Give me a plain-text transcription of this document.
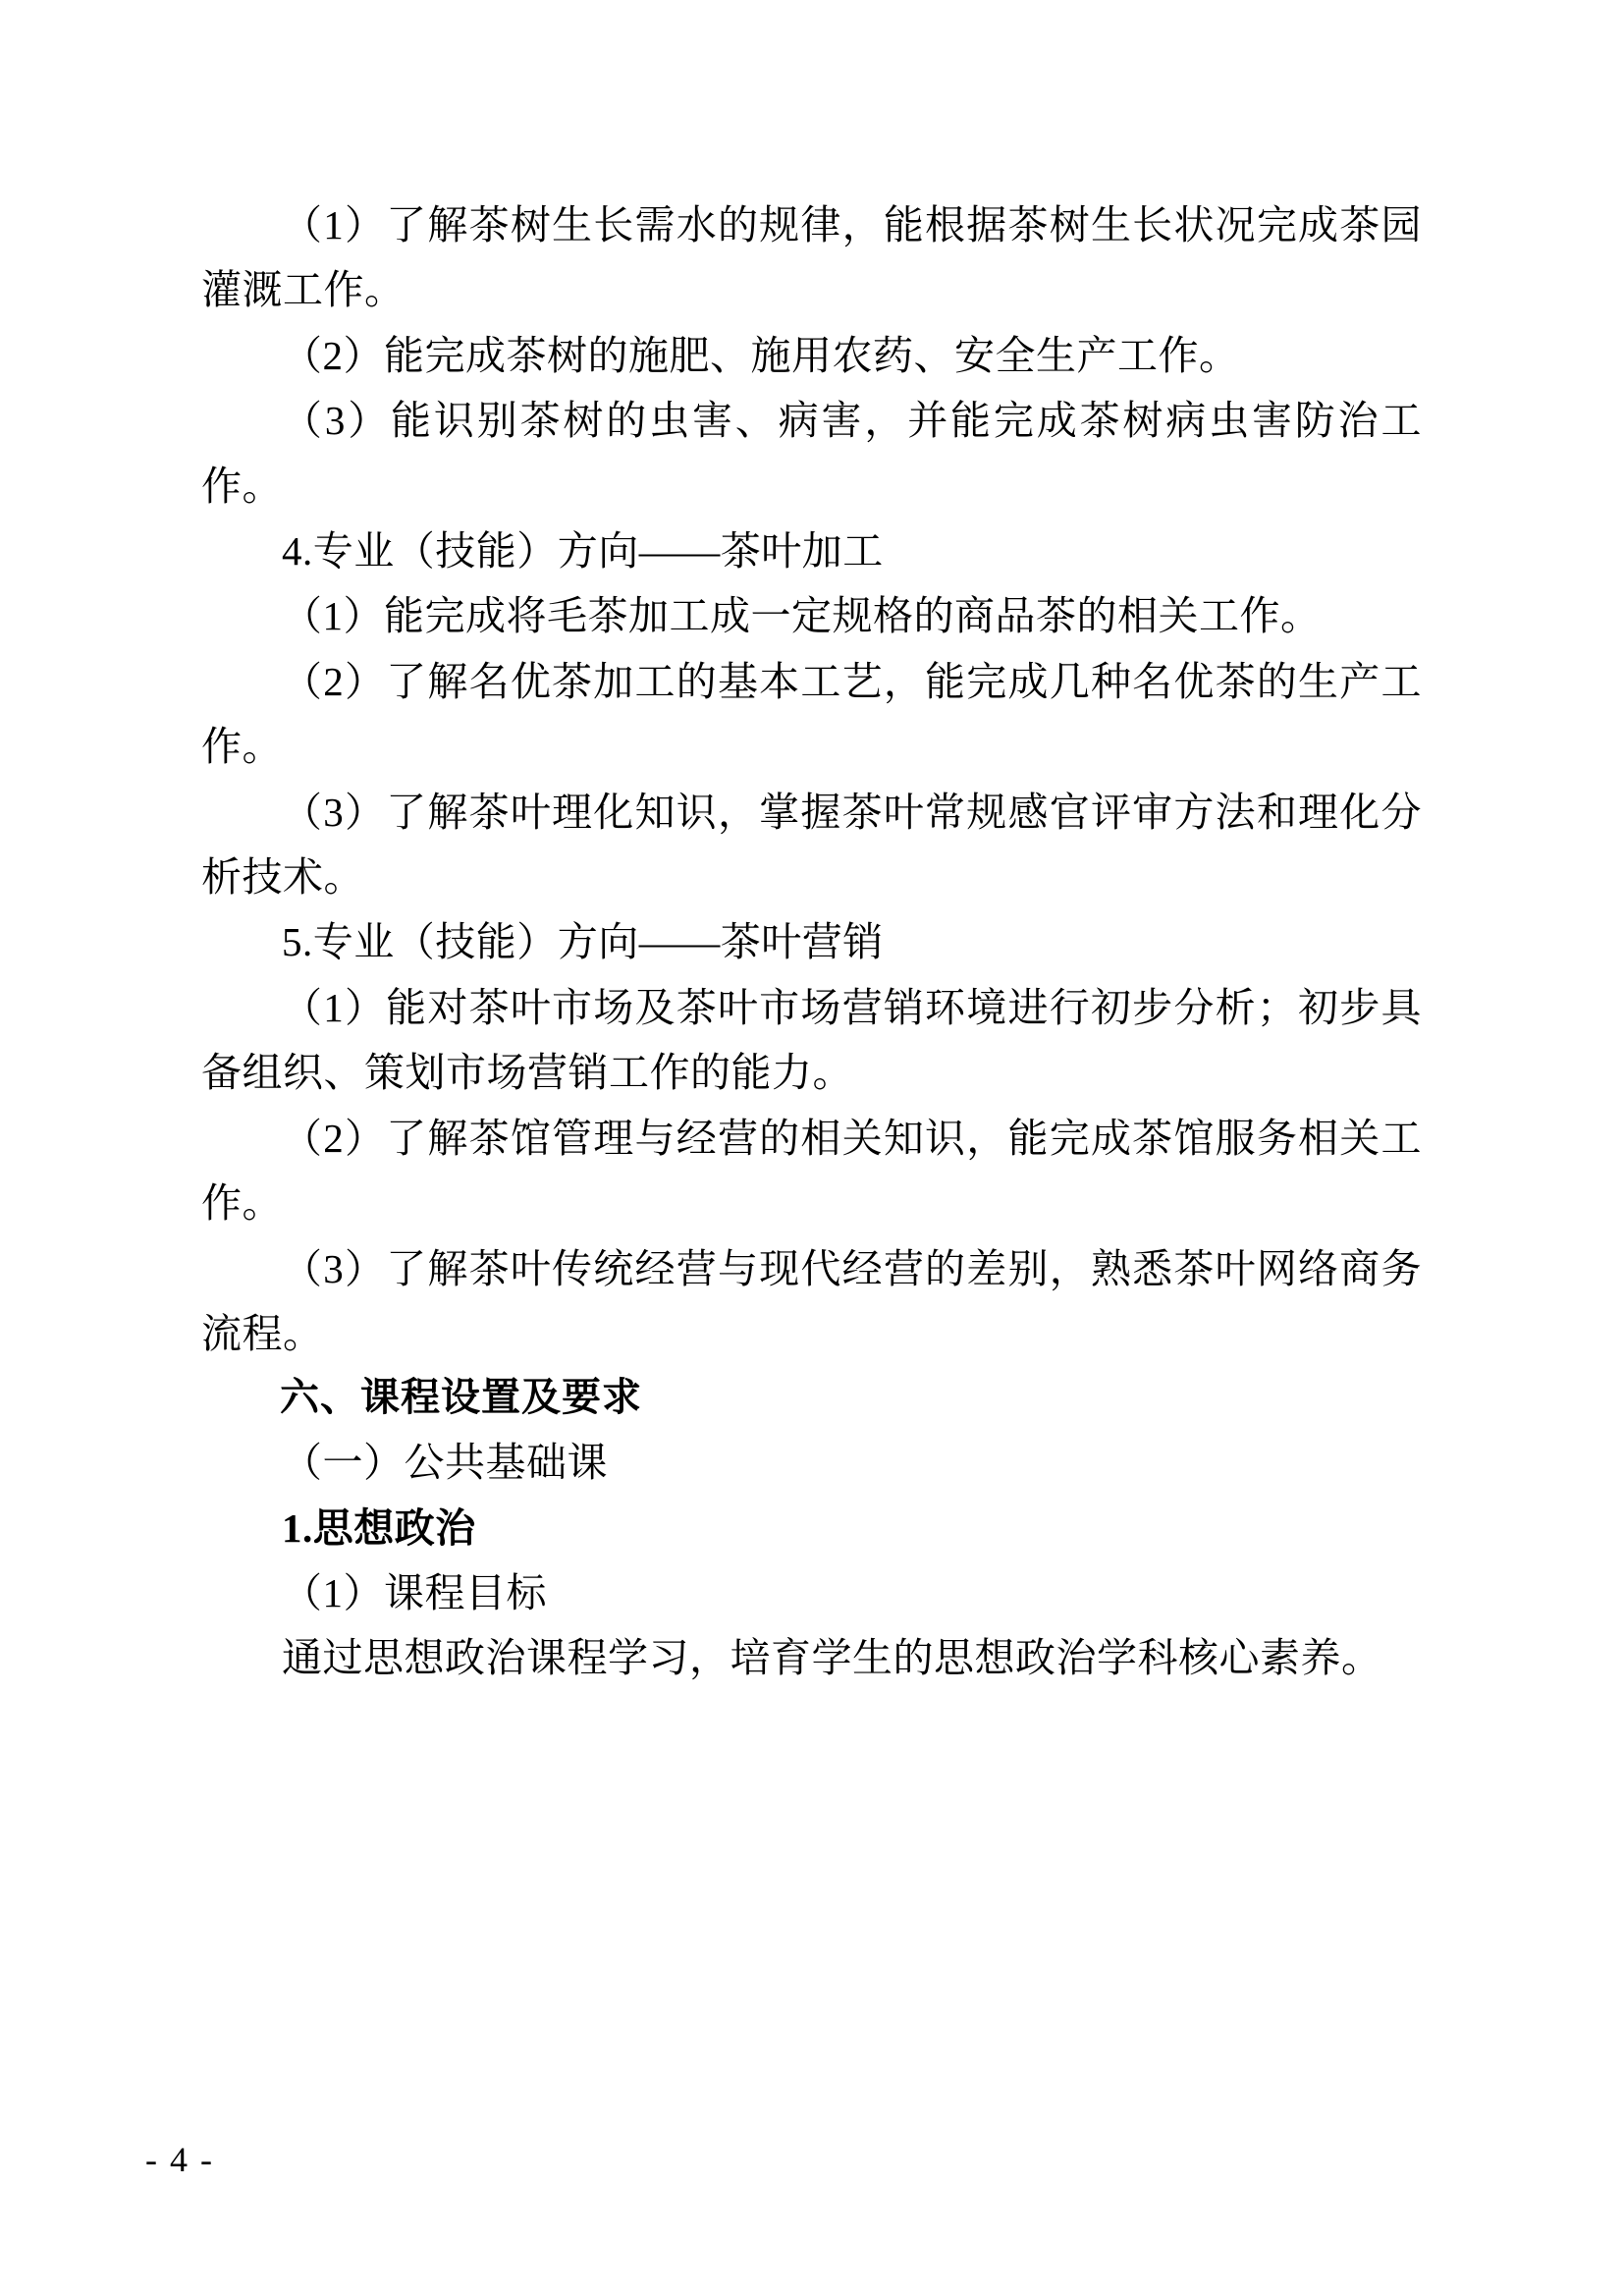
（1）了解茶树生长需水的规律，能根据茶树生长状况完成茶园灌溉工作。

（2）能完成茶树的施肥、施用农药、安全生产工作。

（3）能识别茶树的虫害、病害，并能完成茶树病虫害防治工作。

4.专业（技能）方向——茶叶加工

（1）能完成将毛茶加工成一定规格的商品茶的相关工作。

（2）了解名优茶加工的基本工艺，能完成几种名优茶的生产工作。

（3）了解茶叶理化知识，掌握茶叶常规感官评审方法和理化分析技术。

5.专业（技能）方向——茶叶营销

（1）能对茶叶市场及茶叶市场营销环境进行初步分析；初步具备组织、策划市场营销工作的能力。

（2）了解茶馆管理与经营的相关知识，能完成茶馆服务相关工作。

（3）了解茶叶传统经营与现代经营的差别，熟悉茶叶网络商务流程。

六、课程设置及要求

（一）公共基础课

1.思想政治

（1）课程目标

通过思想政治课程学习，培育学生的思想政治学科核心素养。

- 4 -
